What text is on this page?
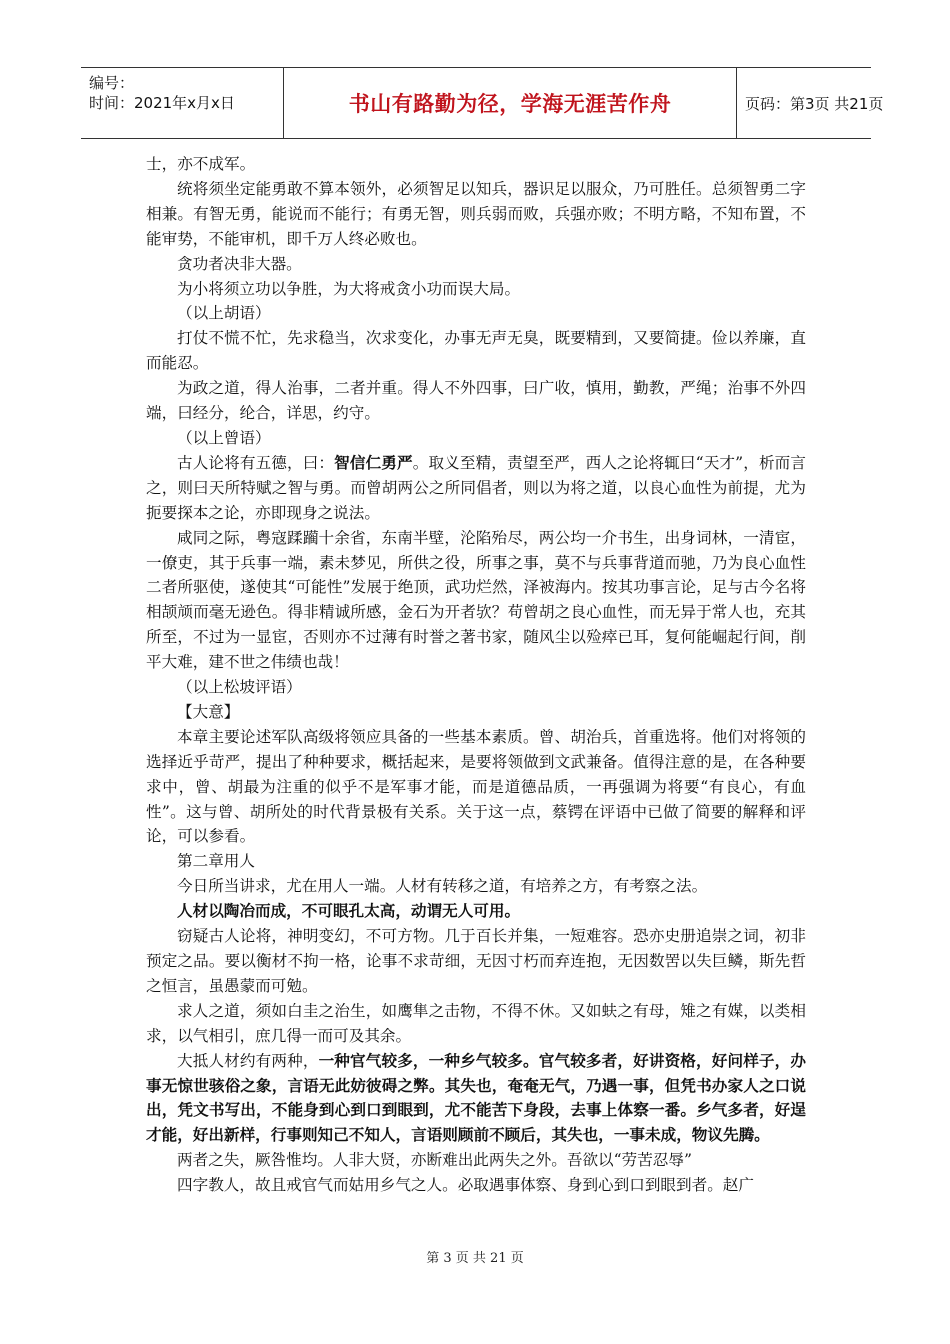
编号：
时间：2021年x月x日	书山有路勤为径，学海无涯苦作舟	页码：第3页 共21页

士，亦不成军。

统将须坐定能勇敢不算本领外，必须智足以知兵，器识足以服众，乃可胜任。总须智勇二字相兼。有智无勇，能说而不能行；有勇无智，则兵弱而败，兵强亦败；不明方略，不知布置，不能审势，不能审机，即千万人终必败也。

贪功者决非大器。

为小将须立功以争胜，为大将戒贪小功而误大局。

（以上胡语）

打仗不慌不忙，先求稳当，次求变化，办事无声无臭，既要精到，又要简捷。俭以养廉，直而能忍。

为政之道，得人治事，二者并重。得人不外四事，曰广收，慎用，勤教，严绳；治事不外四端，曰经分，纶合，详思，约守。

（以上曾语）

古人论将有五德，曰：智信仁勇严。取义至精，责望至严，西人之论将辄曰“天才”，析而言之，则曰天所特赋之智与勇。而曾胡两公之所同倡者，则以为将之道，以良心血性为前提，尤为扼要探本之论，亦即现身之说法。

咸同之际，粤寇蹂躏十余省，东南半壁，沦陷殆尽，两公均一介书生，出身词林，一清宦，一僚吏，其于兵事一端，素未梦见，所供之役，所事之事，莫不与兵事背道而驰，乃为良心血性二者所驱使，遂使其“可能性”发展于绝顶，武功烂然，泽被海内。按其功事言论，足与古今名将相颉颃而毫无逊色。得非精诚所感，金石为开者欤？苟曾胡之良心血性，而无异于常人也，充其所至，不过为一显宦，否则亦不过薄有时誉之著书家，随风尘以殓瘁已耳，复何能崛起行间，削平大难，建不世之伟绩也哉！

（以上松坡评语）

【大意】

本章主要论述军队高级将领应具备的一些基本素质。曾、胡治兵，首重选将。他们对将领的选择近乎苛严，提出了种种要求，概括起来，是要将领做到文武兼备。值得注意的是，在各种要求中，曾、胡最为注重的似乎不是军事才能，而是道德品质，一再强调为将要“有良心，有血性”。这与曾、胡所处的时代背景极有关系。关于这一点，蔡锷在评语中已做了简要的解释和评论，可以参看。

第二章用人

今日所当讲求，尤在用人一端。人材有转移之道，有培养之方，有考察之法。

人材以陶冶而成，不可眼孔太高，动谓无人可用。

窃疑古人论将，神明变幻，不可方物。几于百长并集，一短难容。恐亦史册追崇之词，初非预定之品。要以衡材不拘一格，论事不求苛细，无因寸朽而弃连抱，无因数罟以失巨鳞，斯先哲之恒言，虽愚蒙而可勉。

求人之道，须如白圭之治生，如鹰隼之击物，不得不休。又如蚨之有母，雉之有媒，以类相求，以气相引，庶几得一而可及其余。

大抵人材约有两种，一种官气较多，一种乡气较多。官气较多者，好讲资格，好问样子，办事无惊世骇俗之象，言语无此妨彼碍之弊。其失也，奄奄无气，乃遇一事，但凭书办家人之口说出，凭文书写出，不能身到心到口到眼到，尤不能苦下身段，去事上体察一番。乡气多者，好逞才能，好出新样，行事则知己不知人，言语则顾前不顾后，其失也，一事未成，物议先腾。

两者之失，厥咎惟均。人非大贤，亦断难出此两失之外。吾欲以“劳苦忍辱”

四字教人，故且戒官气而姑用乡气之人。必取遇事体察、身到心到口到眼到者。赵广

第 3 页 共 21 页
